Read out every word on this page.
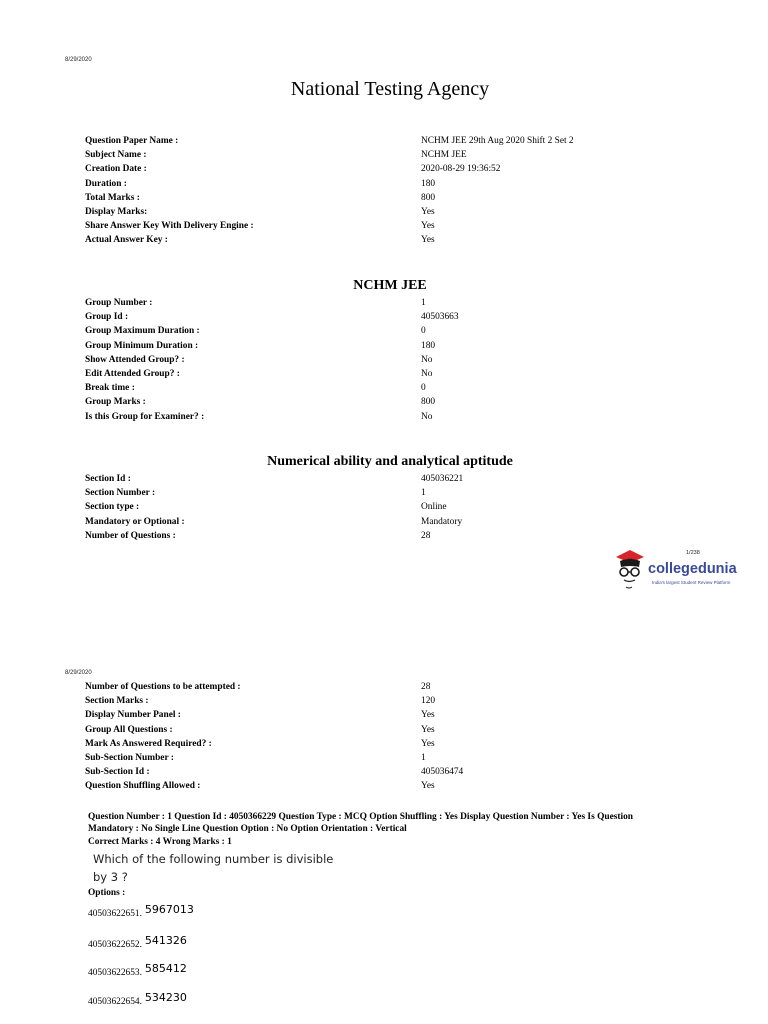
8/29/2020
National Testing Agency
Question Paper Name :	NCHM JEE 29th Aug 2020 Shift 2 Set 2
Subject Name :	NCHM JEE
Creation Date :	2020-08-29 19:36:52
Duration :	180
Total Marks :	800
Display Marks:	Yes
Share Answer Key With Delivery Engine :	Yes
Actual Answer Key :	Yes
NCHM JEE
Group Number :	1
Group Id :	40503663
Group Maximum Duration :	0
Group Minimum Duration :	180
Show Attended Group? :	No
Edit Attended Group? :	No
Break time :	0
Group Marks :	800
Is this Group for Examiner? :	No
Numerical ability and analytical aptitude
Section Id :	405036221
Section Number :	1
Section type :	Online
Mandatory or Optional :	Mandatory
Number of Questions :	28
1/238
collegedunia
India's largest Student Review Platform
8/29/2020
Number of Questions to be attempted :	28
Section Marks :	120
Display Number Panel :	Yes
Group All Questions :	Yes
Mark As Answered Required? :	Yes
Sub-Section Number :	1
Sub-Section Id :	405036474
Question Shuffling Allowed :	Yes
Question Number : 1 Question Id : 4050366229 Question Type : MCQ Option Shuffling : Yes Display Question Number : Yes Is Question
Mandatory : No Single Line Question Option : No Option Orientation : Vertical
Correct Marks : 4 Wrong Marks : 1
Which of the following number is divisible
by 3 ?
Options :
40503622651. 5967013
40503622652. 541326
40503622653. 585412
40503622654. 534230
